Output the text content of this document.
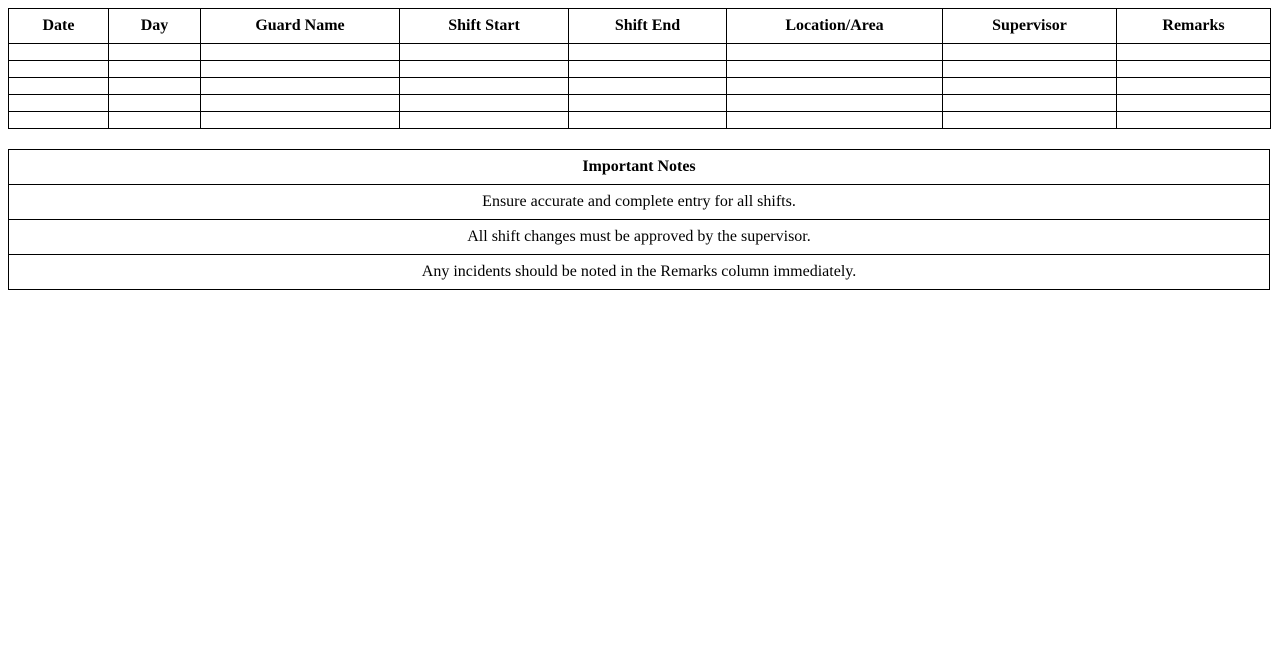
Date	Day	Guard Name	Shift Start	Shift End	Location/Area	Supervisor	Remarks

Important Notes
Ensure accurate and complete entry for all shifts.
All shift changes must be approved by the supervisor.
Any incidents should be noted in the Remarks column immediately.
